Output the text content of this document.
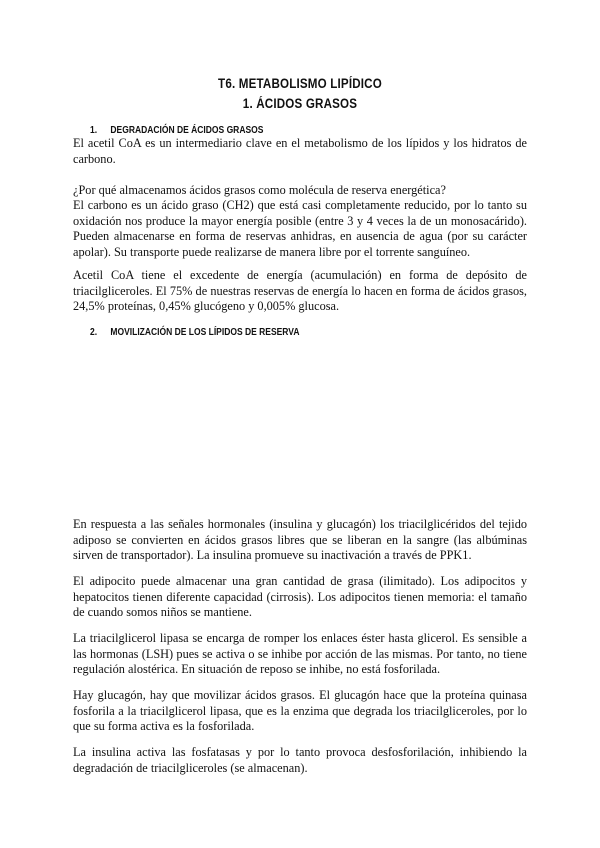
T6. METABOLISMO LIPÍDICO
1. ÁCIDOS GRASOS
1. DEGRADACIÓN DE ÁCIDOS GRASOS

El acetil CoA es un intermediario clave en el metabolismo de los lípidos y los hidratos de carbono.

¿Por qué almacenamos ácidos grasos como molécula de reserva energética?

El carbono es un ácido graso (CH2) que está casi completamente reducido, por lo tanto su oxidación nos produce la mayor energía posible (entre 3 y 4 veces la de un monosacárido). Pueden almacenarse en forma de reservas anhidras, en ausencia de agua (por su carácter apolar). Su transporte puede realizarse de manera libre por el torrente sanguíneo.

Acetil CoA tiene el excedente de energía (acumulación) en forma de depósito de triacilgliceroles. El 75% de nuestras reservas de energía lo hacen en forma de ácidos grasos, 24,5% proteínas, 0,45% glucógeno y 0,005% glucosa.

2. MOVILIZACIÓN DE LOS LÍPIDOS DE RESERVA

En respuesta a las señales hormonales (insulina y glucagón) los triacilglicéridos del tejido adiposo se convierten en ácidos grasos libres que se liberan en la sangre (las albúminas sirven de transportador). La insulina promueve su inactivación a través de PPK1.

El adipocito puede almacenar una gran cantidad de grasa (ilimitado). Los adipocitos y hepatocitos tienen diferente capacidad (cirrosis). Los adipocitos tienen memoria: el tamaño de cuando somos niños se mantiene.

La triacilglicerol lipasa se encarga de romper los enlaces éster hasta glicerol. Es sensible a las hormonas (LSH) pues se activa o se inhibe por acción de las mismas. Por tanto, no tiene regulación alostérica. En situación de reposo se inhibe, no está fosforilada.

Hay glucagón, hay que movilizar ácidos grasos. El glucagón hace que la proteína quinasa fosforila a la triacilglicerol lipasa, que es la enzima que degrada los triacilgliceroles, por lo que su forma activa es la fosforilada.

La insulina activa las fosfatasas y por lo tanto provoca desfosforilación, inhibiendo la degradación de triacilgliceroles (se almacenan).
